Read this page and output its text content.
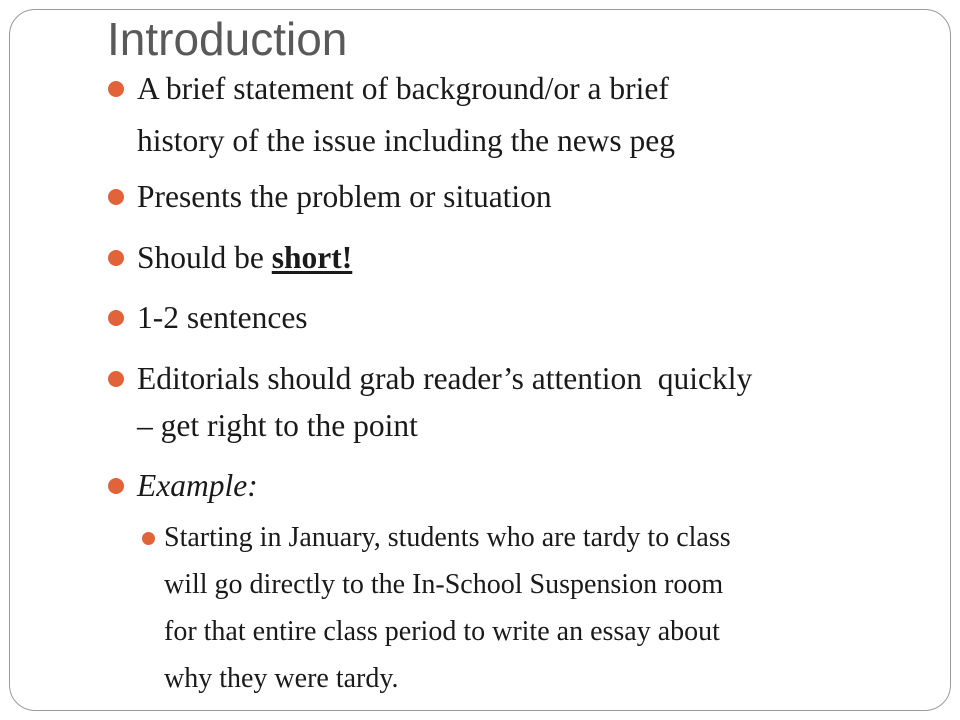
Introduction
A brief statement of background/or a brief
history of the issue including the news peg
Presents the problem or situation
Should be short!
1-2 sentences
Editorials should grab reader’s attention  quickly
– get right to the point
Example:
Starting in January, students who are tardy to class
will go directly to the In-School Suspension room
for that entire class period to write an essay about
why they were tardy.
